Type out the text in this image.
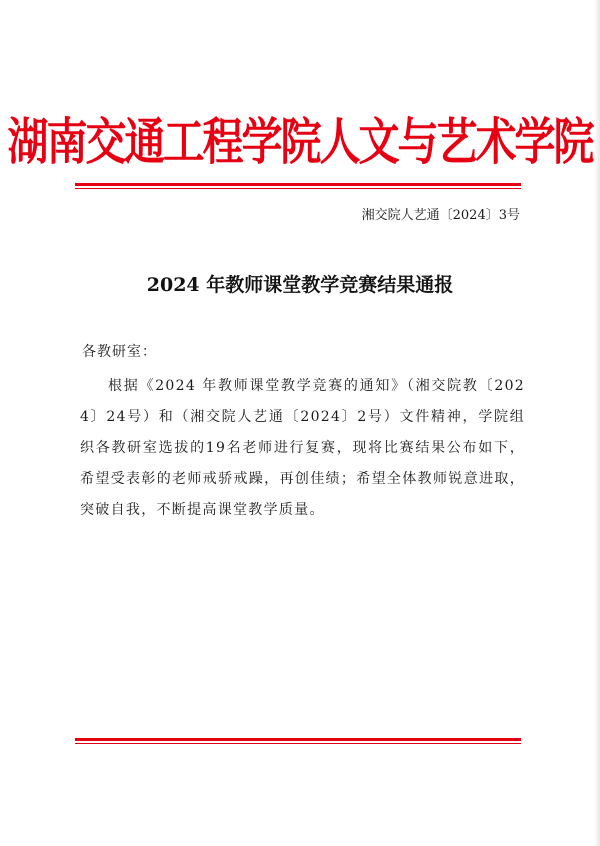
湖南交通工程学院人文与艺术学院
湘交院人艺通〔2024〕3号
2024 年教师课堂教学竞赛结果通报
各教研室：
根据《2024 年教师课堂教学竞赛的通知》（湘交院教〔2024〕24号）和（湘交院人艺通〔2024〕2号）文件精神，学院组织各教研室选拔的19名老师进行复赛，现将比赛结果公布如下，希望受表彰的老师戒骄戒躁，再创佳绩；希望全体教师锐意进取，突破自我，不断提高课堂教学质量。
